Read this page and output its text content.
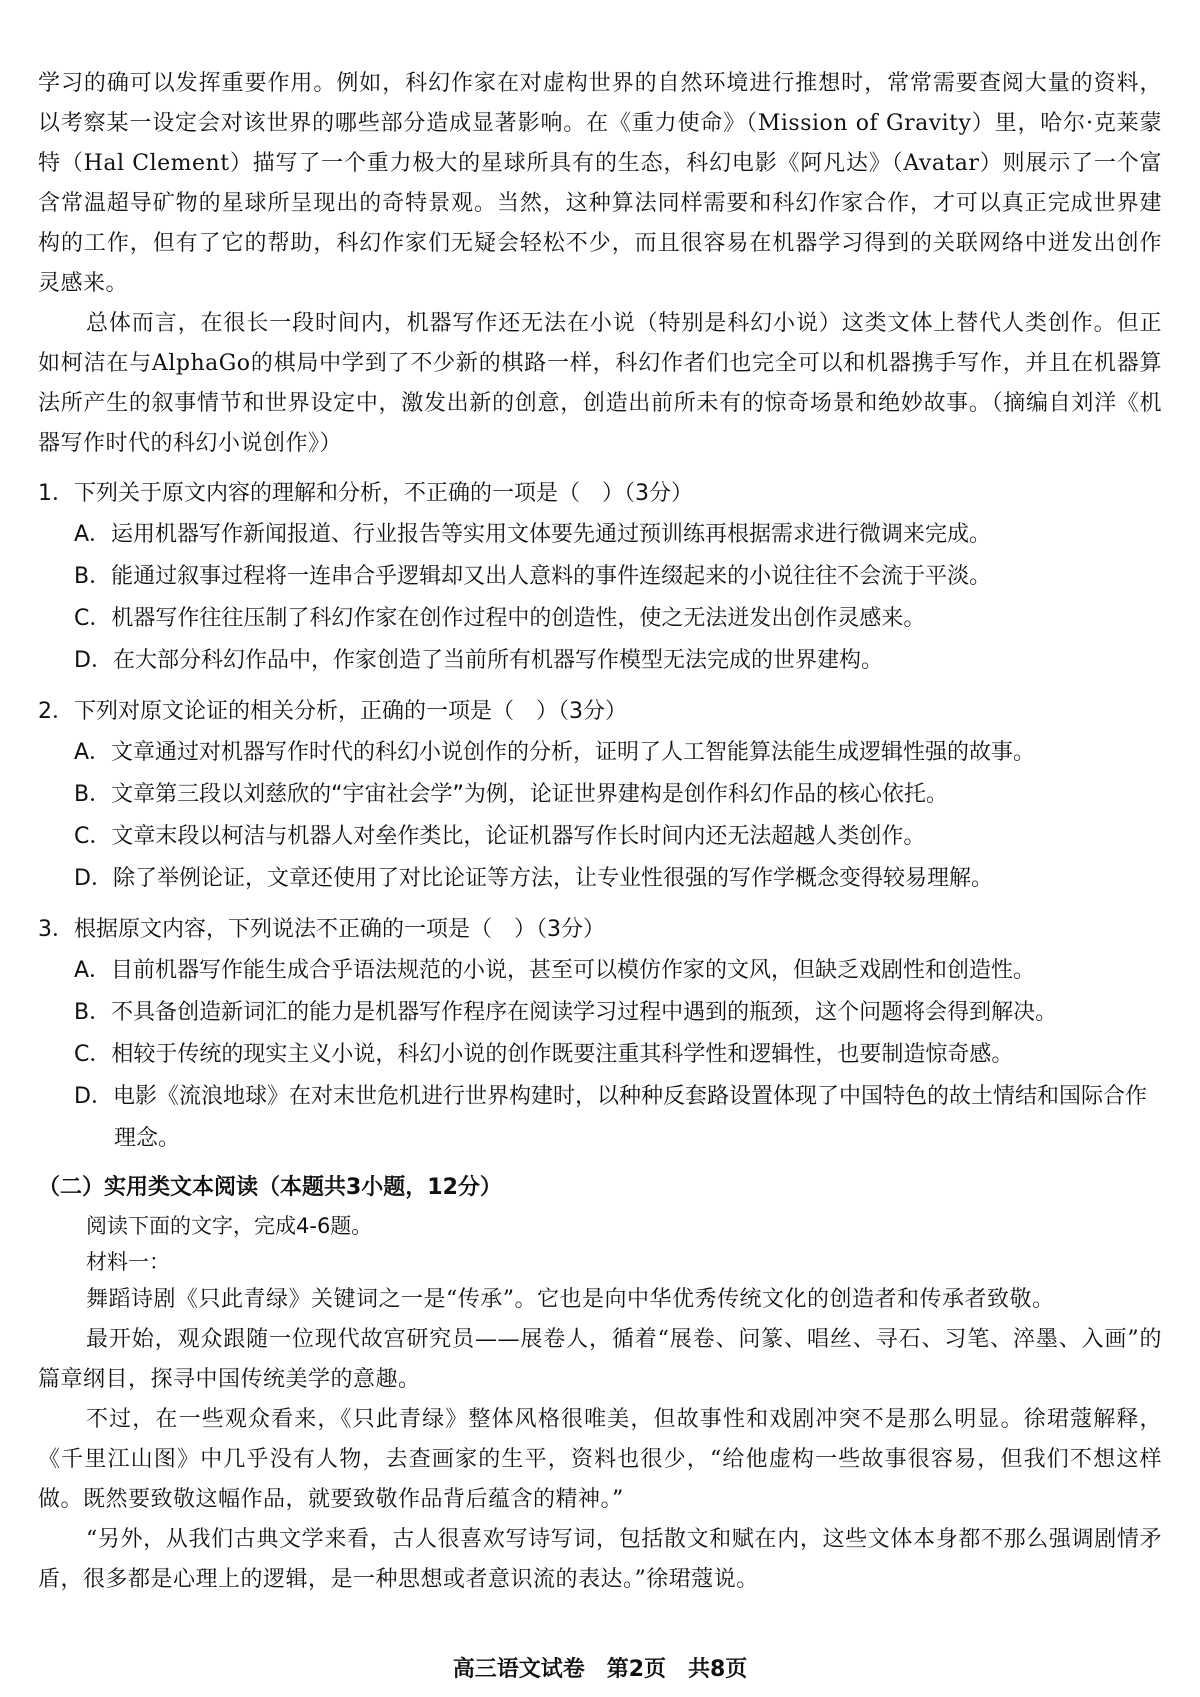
学习的确可以发挥重要作用。例如，科幻作家在对虚构世界的自然环境进行推想时，常常需要查阅大量的资料，以考察某一设定会对该世界的哪些部分造成显著影响。在《重力使命》（Mission of Gravity）里，哈尔·克莱蒙特（Hal Clement）描写了一个重力极大的星球所具有的生态，科幻电影《阿凡达》（Avatar）则展示了一个富含常温超导矿物的星球所呈现出的奇特景观。当然，这种算法同样需要和科幻作家合作，才可以真正完成世界建构的工作，但有了它的帮助，科幻作家们无疑会轻松不少，而且很容易在机器学习得到的关联网络中迸发出创作灵感来。

总体而言，在很长一段时间内，机器写作还无法在小说（特别是科幻小说）这类文体上替代人类创作。但正如柯洁在与AlphaGo的棋局中学到了不少新的棋路一样，科幻作者们也完全可以和机器携手写作，并且在机器算法所产生的叙事情节和世界设定中，激发出新的创意，创造出前所未有的惊奇场景和绝妙故事。（摘编自刘洋《机器写作时代的科幻小说创作》）

1．下列关于原文内容的理解和分析，不正确的一项是（　）（3分）

A．运用机器写作新闻报道、行业报告等实用文体要先通过预训练再根据需求进行微调来完成。

B．能通过叙事过程将一连串合乎逻辑却又出人意料的事件连缀起来的小说往往不会流于平淡。

C．机器写作往往压制了科幻作家在创作过程中的创造性，使之无法迸发出创作灵感来。

D．在大部分科幻作品中，作家创造了当前所有机器写作模型无法完成的世界建构。

2．下列对原文论证的相关分析，正确的一项是（　）（3分）

A．文章通过对机器写作时代的科幻小说创作的分析，证明了人工智能算法能生成逻辑性强的故事。

B．文章第三段以刘慈欣的“宇宙社会学”为例，论证世界建构是创作科幻作品的核心依托。

C．文章末段以柯洁与机器人对垒作类比，论证机器写作长时间内还无法超越人类创作。

D．除了举例论证，文章还使用了对比论证等方法，让专业性很强的写作学概念变得较易理解。

3．根据原文内容，下列说法不正确的一项是（　）（3分）

A．目前机器写作能生成合乎语法规范的小说，甚至可以模仿作家的文风，但缺乏戏剧性和创造性。

B．不具备创造新词汇的能力是机器写作程序在阅读学习过程中遇到的瓶颈，这个问题将会得到解决。

C．相较于传统的现实主义小说，科幻小说的创作既要注重其科学性和逻辑性，也要制造惊奇感。

D．电影《流浪地球》在对末世危机进行世界构建时，以种种反套路设置体现了中国特色的故土情结和国际合作理念。

（二）实用类文本阅读（本题共3小题，12分）

阅读下面的文字，完成4-6题。

材料一：

舞蹈诗剧《只此青绿》关键词之一是“传承”。它也是向中华优秀传统文化的创造者和传承者致敬。

最开始，观众跟随一位现代故宫研究员——展卷人，循着“展卷、问篆、唱丝、寻石、习笔、淬墨、入画”的篇章纲目，探寻中国传统美学的意趣。

不过，在一些观众看来，《只此青绿》整体风格很唯美，但故事性和戏剧冲突不是那么明显。徐珺蔻解释，《千里江山图》中几乎没有人物，去查画家的生平，资料也很少，“给他虚构一些故事很容易，但我们不想这样做。既然要致敬这幅作品，就要致敬作品背后蕴含的精神。”

“另外，从我们古典文学来看，古人很喜欢写诗写词，包括散文和赋在内，这些文体本身都不那么强调剧情矛盾，很多都是心理上的逻辑，是一种思想或者意识流的表达。”徐珺蔻说。

高三语文试卷　第2页　共8页
